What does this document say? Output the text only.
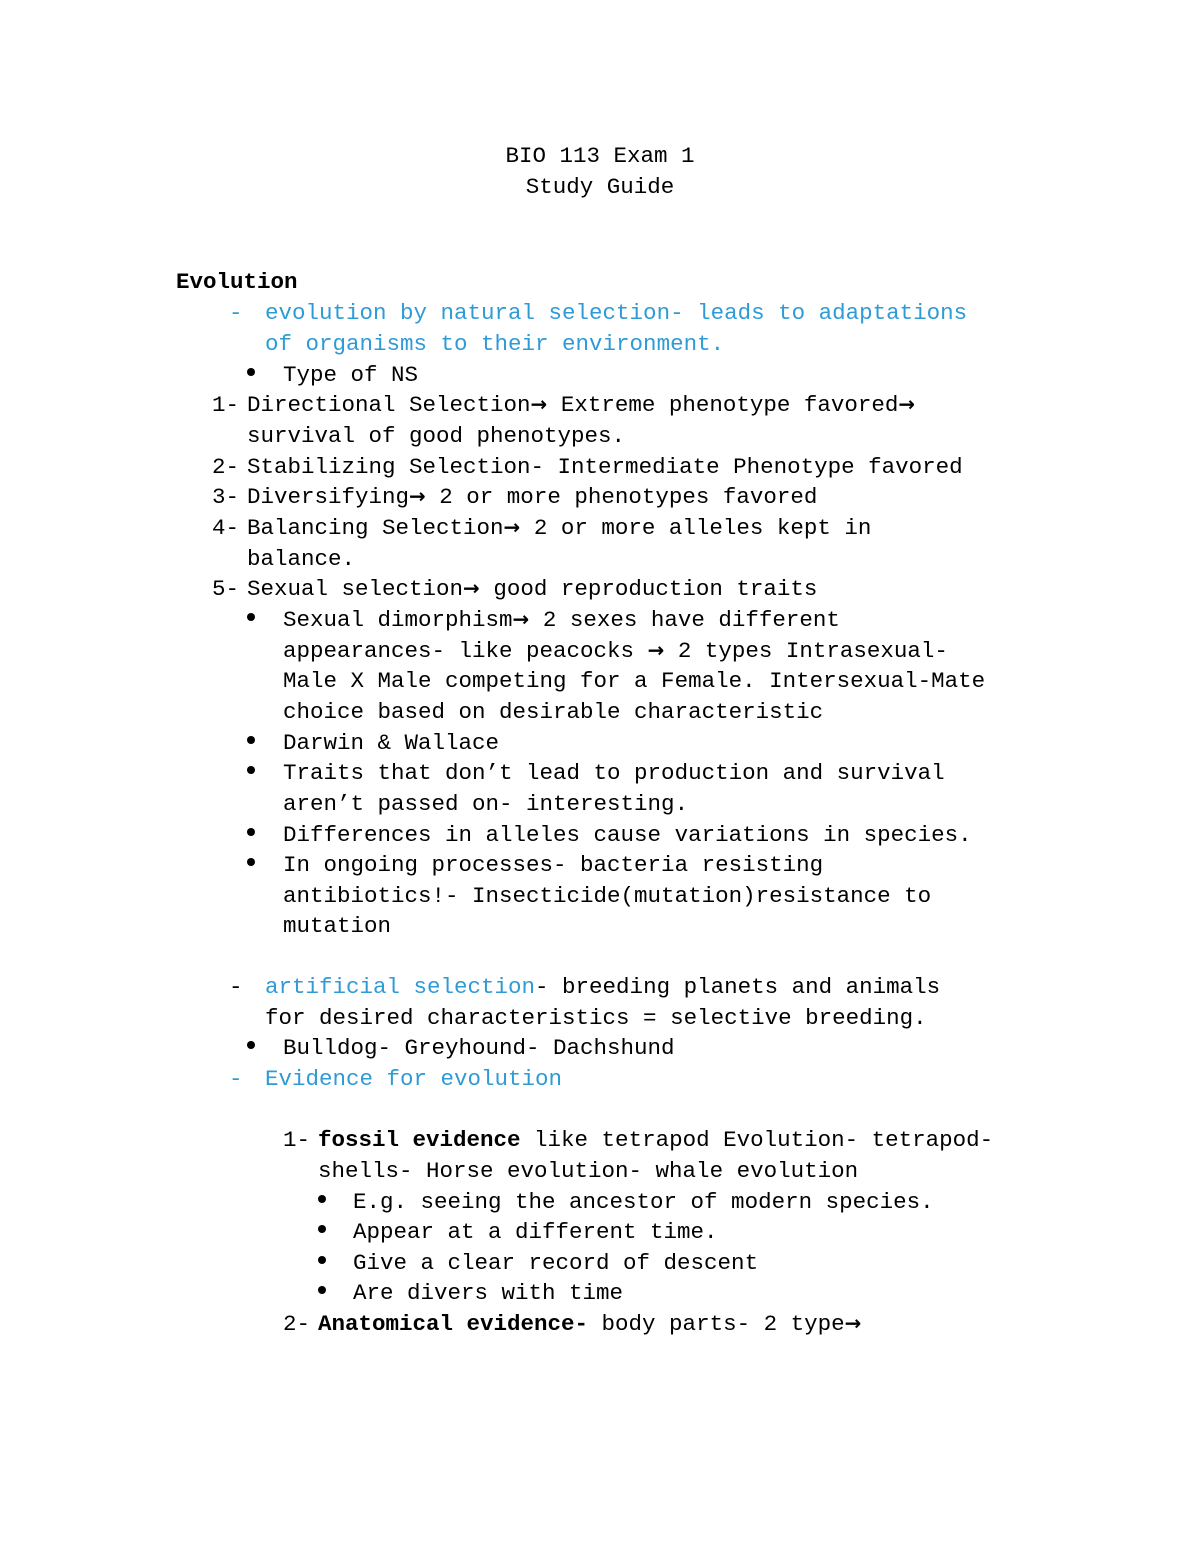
BIO 113 Exam 1
Study Guide
Evolution
- evolution by natural selection- leads to adaptations
of organisms to their environment.
Type of NS
1- Directional Selection→ Extreme phenotype favored→
survival of good phenotypes.
2- Stabilizing Selection- Intermediate Phenotype favored
3- Diversifying→ 2 or more phenotypes favored
4- Balancing Selection→ 2 or more alleles kept in
balance.
5- Sexual selection→ good reproduction traits
Sexual dimorphism→ 2 sexes have different
appearances- like peacocks → 2 types Intrasexual-
Male X Male competing for a Female. Intersexual-Mate
choice based on desirable characteristic
Darwin & Wallace
Traits that don’t lead to production and survival
aren’t passed on- interesting.
Differences in alleles cause variations in species.
In ongoing processes- bacteria resisting
antibiotics!- Insecticide(mutation)resistance to
mutation
- artificial selection- breeding planets and animals
for desired characteristics = selective breeding.
Bulldog- Greyhound- Dachshund
- Evidence for evolution
1- fossil evidence like tetrapod Evolution- tetrapod-
shells- Horse evolution- whale evolution
E.g. seeing the ancestor of modern species.
Appear at a different time.
Give a clear record of descent
Are divers with time
2- Anatomical evidence- body parts- 2 type→
